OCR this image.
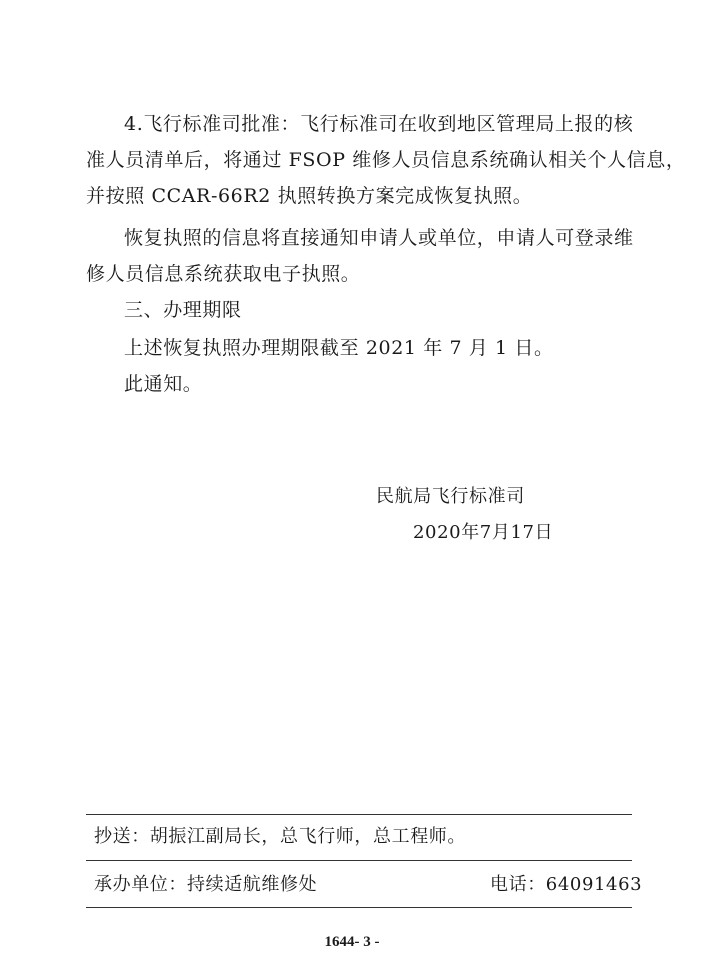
4.飞行标准司批准：飞行标准司在收到地区管理局上报的核
准人员清单后，将通过 FSOP 维修人员信息系统确认相关个人信息，
并按照 CCAR-66R2 执照转换方案完成恢复执照。
恢复执照的信息将直接通知申请人或单位，申请人可登录维
修人员信息系统获取电子执照。
三、办理期限
上述恢复执照办理期限截至 2021 年 7 月 1 日。
此通知。
民航局飞行标准司
2020年7月17日
抄送：胡振江副局长，总飞行师，总工程师。
承办单位：持续适航维修处	电话：64091463
1644- 3 -
